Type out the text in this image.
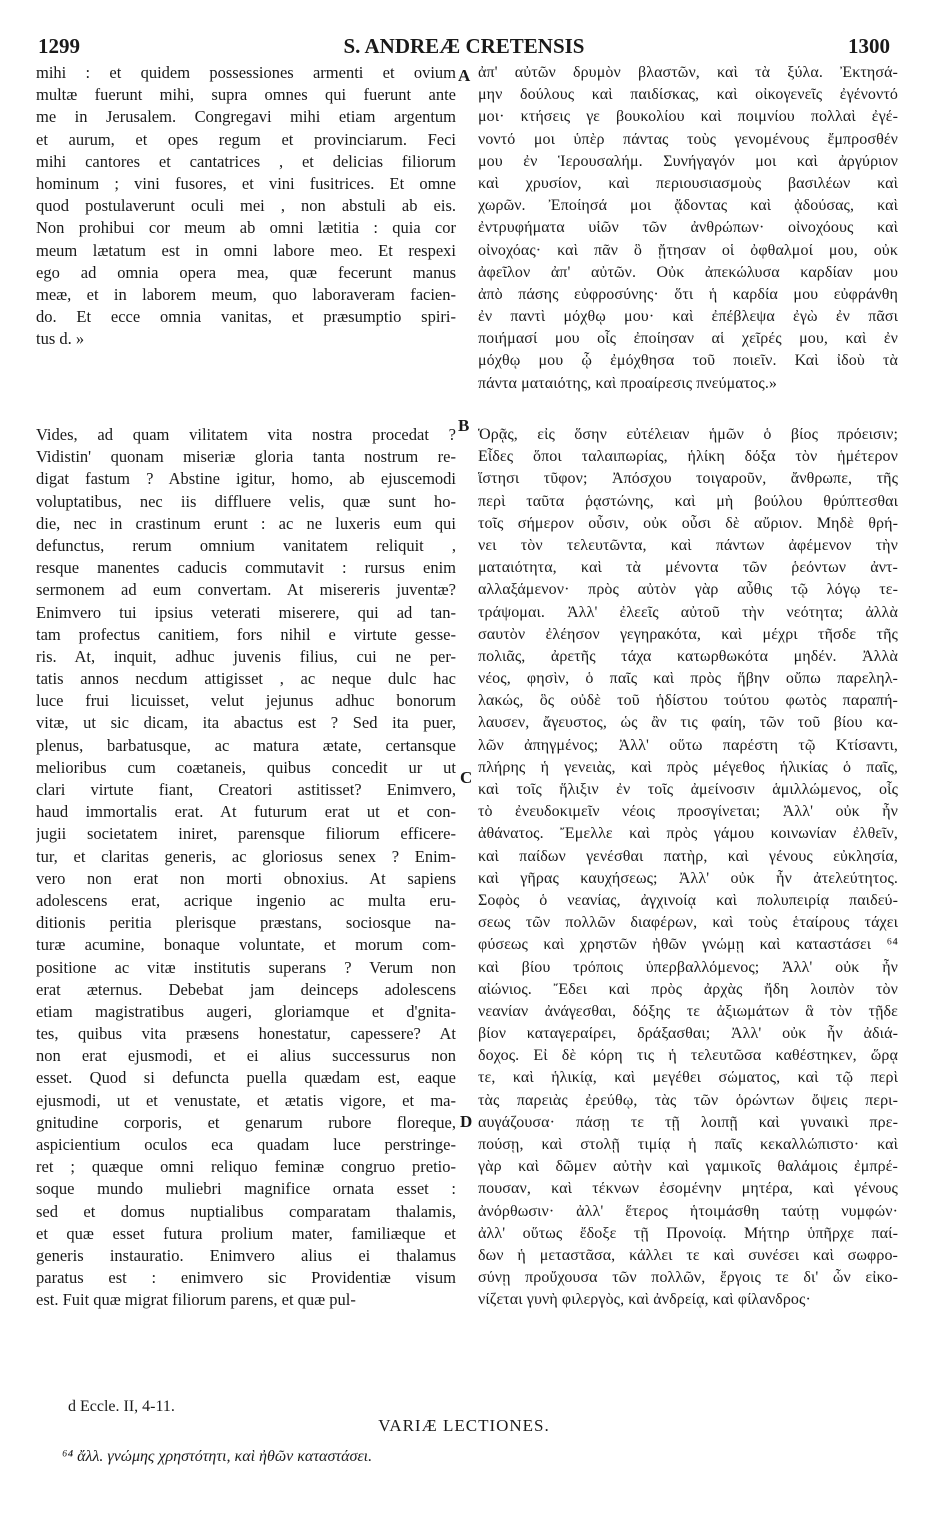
1299	S. ANDREÆ CRETENSIS	1300
mihi : et quidem possessiones armenti et ovium
multæ fuerunt mihi, supra omnes qui fuerunt ante
me in Jerusalem. Congregavi mihi etiam argentum
et aurum, et opes regum et provinciarum. Feci
mihi cantores et cantatrices , et delicias filiorum
hominum ; vini fusores, et vini fusitrices. Et omne
quod postulaverunt oculi mei , non abstuli ab eis.
Non prohibui cor meum ab omni lætitia : quia cor
meum lætatum est in omni labore meo. Et respexi
ego ad omnia opera mea, quæ fecerunt manus
meæ, et in laborem meum, quo laboraveram facien-
do. Et ecce omnia vanitas, et præsumptio spiri-
tus d. »
Vides, ad quam vilitatem vita nostra procedat ?
Vidistin' quonam miseriæ gloria tanta nostrum re-
digat fastum ? Abstine igitur, homo, ab ejuscemodi
voluptatibus, nec iis diffluere velis, quæ sunt ho-
die, nec in crastinum erunt : ac ne luxeris eum qui
defunctus, rerum omnium vanitatem reliquit ,
resque manentes caducis commutavit : rursus enim
sermonem ad eum convertam. At misereris juventæ?
Enimvero tui ipsius veterati miserere, qui ad tan-
tam profectus canitiem, fors nihil e virtute gesse-
ris. At, inquit, adhuc juvenis filius, cui ne per-
tatis annos necdum attigisset , ac neque dulc hac
luce frui licuisset, velut jejunus adhuc bonorum
vitæ, ut sic dicam, ita abactus est ? Sed ita puer,
plenus, barbatusque, ac matura ætate, certansque
melioribus cum coætaneis, quibus concedit ur ut
clari virtute fiant, Creatori astitisset? Enimvero,
haud immortalis erat. At futurum erat ut et con-
jugii societatem iniret, parensque filiorum efficere-
tur, et claritas generis, ac gloriosus senex ? Enim-
vero non erat non morti obnoxius. At sapiens
adolescens erat, acrique ingenio ac multa eru-
ditionis peritia plerisque præstans, sociosque na-
turæ acumine, bonaque voluntate, et morum com-
positione ac vitæ institutis superans ? Verum non
erat æternus. Debebat jam deinceps adolescens
etiam magistratibus augeri, gloriamque et d'gnita-
tes, quibus vita præsens honestatur, capessere? At
non erat ejusmodi, et ei alius successurus non
esset. Quod si defuncta puella quædam est, eaque
ejusmodi, ut et venustate, et ætatis vigore, et ma-
gnitudine corporis, et genarum rubore floreque,
aspicientium oculos eca quadam luce perstringe-
ret ; quæque omni reliquo feminæ congruo pretio-
soque mundo muliebri magnifice ornata esset :
sed et domus nuptialibus comparatam thalamis,
et quæ esset futura prolium mater, familiæque et
generis instauratio. Enimvero alius ei thalamus
paratus est : enimvero sic Providentiæ visum
est. Fuit quæ migrat filiorum parens, et quæ pul-
ἀπ' αὐτῶν δρυμὸν βλαστῶν, καὶ τὰ ξύλα. Ἐκτησά-
μην δούλους καὶ παιδίσκας, καὶ οἰκογενεῖς ἐγένοντό
μοι· κτήσεις γε βουκολίου καὶ ποιμνίου πολλαὶ ἐγέ-
νοντό μοι ὑπὲρ πάντας τοὺς γενομένους ἔμπροσθέν
μου ἐν Ἱερουσαλήμ. Συνήγαγόν μοι καὶ ἀργύριον
καὶ χρυσίον, καὶ περιουσιασμοὺς βασιλέων καὶ
χωρῶν. Ἐποίησά μοι ᾄδοντας καὶ ᾀδούσας, καὶ
ἐντρυφήματα υἱῶν τῶν ἀνθρώπων· οἰνοχόους καὶ
οἰνοχόας· καὶ πᾶν ὃ ᾔτησαν οἱ ὀφθαλμοί μου, οὐκ
ἀφεῖλον ἀπ' αὐτῶν. Οὐκ ἀπεκώλυσα καρδίαν μου
ἀπὸ πάσης εὐφροσύνης· ὅτι ἡ καρδία μου εὐφράνθη
ἐν παντὶ μόχθῳ μου· καὶ ἐπέβλεψα ἐγὼ ἐν πᾶσι
ποιήμασί μου οἷς ἐποίησαν αἱ χεῖρές μου, καὶ ἐν
μόχθῳ μου ᾧ ἐμόχθησα τοῦ ποιεῖν. Καὶ ἰδοὺ τὰ
πάντα ματαιότης, καὶ προαίρεσις πνεύματος.»
Ὁρᾷς, εἰς ὅσην εὐτέλειαν ἡμῶν ὁ βίος πρόεισιν;
Εἶδες ὅποι ταλαιπωρίας, ἡλίκη δόξα τὸν ἡμέτερον
ἵστησι τῦφον; Ἀπόσχου τοιγαροῦν, ἄνθρωπε, τῆς
περὶ ταῦτα ῥᾳστώνης, καὶ μὴ βούλου θρύπτεσθαι
τοῖς σήμερον οὖσιν, οὐκ οὖσι δὲ αὔριον. Μηδὲ θρή-
νει τὸν τελευτῶντα, καὶ πάντων ἀφέμενον τὴν
ματαιότητα, καὶ τὰ μένοντα τῶν ῥεόντων ἀντ-
αλλαξάμενον· πρὸς αὐτὸν γὰρ αὖθις τῷ λόγῳ τε-
τράψομαι. Ἀλλ' ἐλεεῖς αὐτοῦ τὴν νεότητα; ἀλλὰ
σαυτὸν ἐλέησον γεγηρακότα, καὶ μέχρι τῆσδε τῆς
πολιᾶς, ἀρετῆς τάχα κατωρθωκότα μηδέν. Ἀλλὰ
νέος, φησὶν, ὁ παῖς καὶ πρὸς ἥβην οὔπω παρεληλ-
λακώς, ὃς οὐδὲ τοῦ ἡδίστου τούτου φωτὸς παραπή-
λαυσεν, ἄγευστος, ὡς ἂν τις φαίη, τῶν τοῦ βίου κα-
λῶν ἀπηγμένος; Ἀλλ' οὕτω παρέστη τῷ Κτίσαντι,
πλήρης ἡ γενειὰς, καὶ πρὸς μέγεθος ἡλικίας ὁ παῖς,
καὶ τοῖς ἥλιξιν ἐν τοῖς ἀμείνοσιν ἁμιλλώμενος, οἷς
τὸ ἐνευδοκιμεῖν νέοις προσγίνεται; Ἀλλ' οὐκ ἦν
ἀθάνατος. Ἔμελλε καὶ πρὸς γάμου κοινωνίαν ἐλθεῖν,
καὶ παίδων γενέσθαι πατὴρ, καὶ γένους εὐκλησία,
καὶ γῆρας καυχήσεως; Ἀλλ' οὐκ ἦν ἀτελεύτητος.
Σοφὸς ὁ νεανίας, ἀγχινοίᾳ καὶ πολυπειρίᾳ παιδεύ-
σεως τῶν πολλῶν διαφέρων, καὶ τοὺς ἑταίρους τάχει
φύσεως καὶ χρηστῶν ἠθῶν γνώμῃ καὶ καταστάσει ⁶⁴
καὶ βίου τρόποις ὑπερβαλλόμενος; Ἀλλ' οὐκ ἦν
αἰώνιος. Ἔδει καὶ πρὸς ἀρχὰς ἤδη λοιπὸν τὸν
νεανίαν ἀνάγεσθαι, δόξης τε ἀξιωμάτων ἃ τὸν τῇδε
βίον καταγεραίρει, δράξασθαι; Ἀλλ' οὐκ ἦν ἀδιά-
δοχος. Εἰ δὲ κόρη τις ἡ τελευτῶσα καθέστηκεν, ὥρᾳ
τε, καὶ ἡλικίᾳ, καὶ μεγέθει σώματος, καὶ τῷ περὶ
τὰς παρειὰς ἐρεύθῳ, τὰς τῶν ὁρώντων ὄψεις περι-
αυγάζουσα· πάσῃ τε τῇ λοιπῇ καὶ γυναικὶ πρε-
πούσῃ, καὶ στολῇ τιμίᾳ ἡ παῖς κεκαλλώπιστο· καὶ
γὰρ καὶ δῶμεν αὐτὴν καὶ γαμικοῖς θαλάμοις ἐμπρέ-
πουσαν, καὶ τέκνων ἐσομένην μητέρα, καὶ γένους
ἀνόρθωσιν· ἀλλ' ἕτερος ἡτοιμάσθη ταύτῃ νυμφών·
ἀλλ' οὕτως ἔδοξε τῇ Προνοίᾳ. Μήτηρ ὑπῆρχε παί-
δων ἡ μεταστᾶσα, κάλλει τε καὶ συνέσει καὶ σωφρο-
σύνῃ προὔχουσα τῶν πολλῶν, ἔργοις τε δι' ὧν εἰκο-
νίζεται γυνὴ φιλεργὸς, καὶ ἀνδρείᾳ, καὶ φίλανδρος·
A
B
C
D
d Eccle. II, 4-11.
VARIÆ LECTIONES.
⁶⁴ ἄλλ. γνώμης χρηστότητι, καὶ ἠθῶν καταστάσει.
